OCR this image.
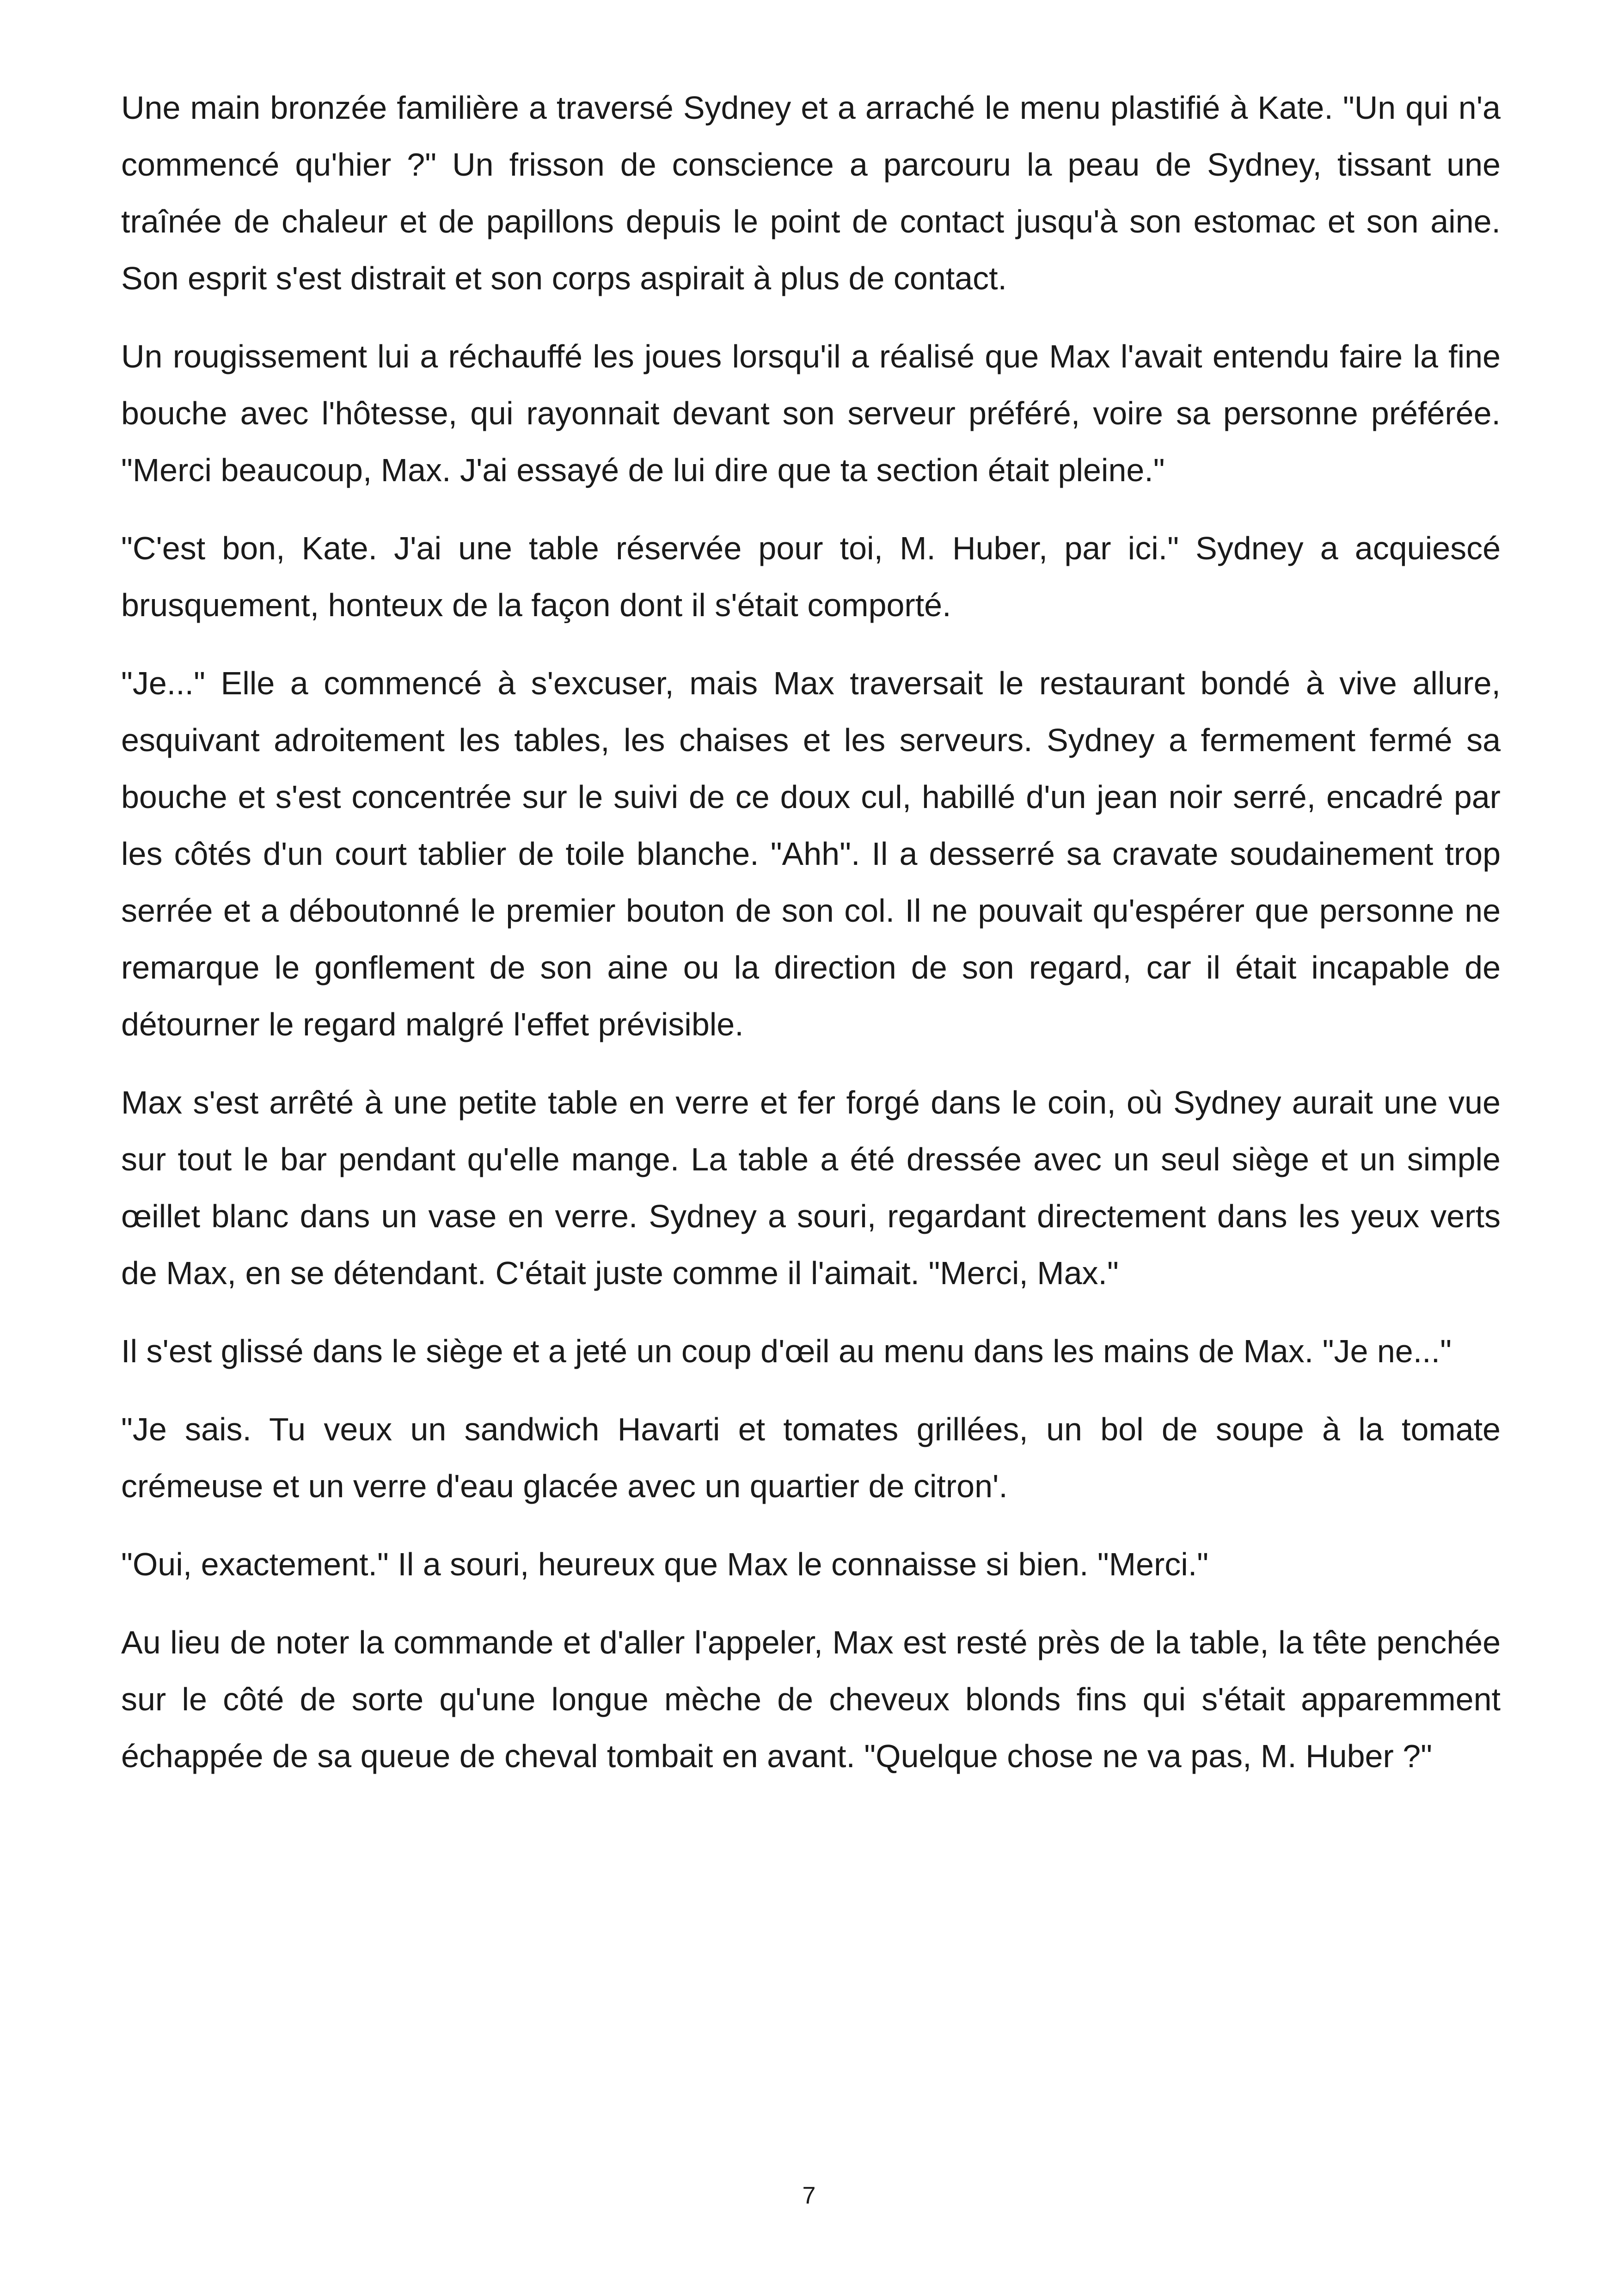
Une main bronzée familière a traversé Sydney et a arraché le menu plastifié à Kate. "Un qui n'a commencé qu'hier ?" Un frisson de conscience a parcouru la peau de Sydney, tissant une traînée de chaleur et de papillons depuis le point de contact jusqu'à son estomac et son aine. Son esprit s'est distrait et son corps aspirait à plus de contact.

Un rougissement lui a réchauffé les joues lorsqu'il a réalisé que Max l'avait entendu faire la fine bouche avec l'hôtesse, qui rayonnait devant son serveur préféré, voire sa personne préférée. "Merci beaucoup, Max. J'ai essayé de lui dire que ta section était pleine."

"C'est bon, Kate. J'ai une table réservée pour toi, M. Huber, par ici." Sydney a acquiescé brusquement, honteux de la façon dont il s'était comporté.

"Je..." Elle a commencé à s'excuser, mais Max traversait le restaurant bondé à vive allure, esquivant adroitement les tables, les chaises et les serveurs. Sydney a fermement fermé sa bouche et s'est concentrée sur le suivi de ce doux cul, habillé d'un jean noir serré, encadré par les côtés d'un court tablier de toile blanche. "Ahh". Il a desserré sa cravate soudainement trop serrée et a déboutonné le premier bouton de son col. Il ne pouvait qu'espérer que personne ne remarque le gonflement de son aine ou la direction de son regard, car il était incapable de détourner le regard malgré l'effet prévisible.

Max s'est arrêté à une petite table en verre et fer forgé dans le coin, où Sydney aurait une vue sur tout le bar pendant qu'elle mange. La table a été dressée avec un seul siège et un simple œillet blanc dans un vase en verre. Sydney a souri, regardant directement dans les yeux verts de Max, en se détendant. C'était juste comme il l'aimait. "Merci, Max."

Il s'est glissé dans le siège et a jeté un coup d'œil au menu dans les mains de Max. "Je ne..."

"Je sais. Tu veux un sandwich Havarti et tomates grillées, un bol de soupe à la tomate crémeuse et un verre d'eau glacée avec un quartier de citron'.

"Oui, exactement." Il a souri, heureux que Max le connaisse si bien. "Merci."

Au lieu de noter la commande et d'aller l'appeler, Max est resté près de la table, la tête penchée sur le côté de sorte qu'une longue mèche de cheveux blonds fins qui s'était apparemment échappée de sa queue de cheval tombait en avant. "Quelque chose ne va pas, M. Huber ?"

7
